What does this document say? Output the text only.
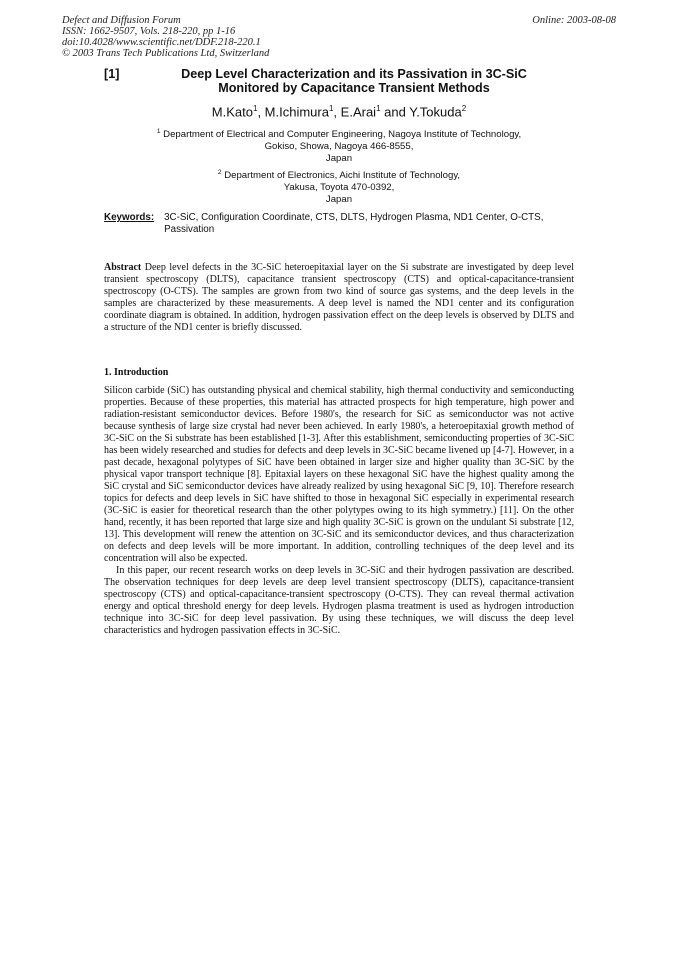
Defect and Diffusion Forum
ISSN: 1662-9507, Vols. 218-220, pp 1-16
doi:10.4028/www.scientific.net/DDF.218-220.1
© 2003 Trans Tech Publications Ltd, Switzerland
Online: 2003-08-08
[1]	Deep Level Characterization and its Passivation in 3C-SiC
Monitored by Capacitance Transient Methods
M.Kato$^1$, M.Ichimura$^1$, E.Arai$^1$ and Y.Tokuda$^2$
$^1$ Department of Electrical and Computer Engineering, Nagoya Institute of Technology,
Gokiso, Showa, Nagoya 466-8555,
Japan
$^2$ Department of Electronics, Aichi Institute of Technology,
Yakusa, Toyota 470-0392,
Japan
Keywords: 3C-SiC, Configuration Coordinate, CTS, DLTS, Hydrogen Plasma, ND1 Center, O-CTS, Passivation
Abstract Deep level defects in the 3C-SiC heteroepitaxial layer on the Si substrate are investigated by deep level transient spectroscopy (DLTS), capacitance transient spectroscopy (CTS) and optical-capacitance-transient spectroscopy (O-CTS). The samples are grown from two kind of source gas systems, and the deep levels in the samples are characterized by these measurements. A deep level is named the ND1 center and its configuration coordinate diagram is obtained. In addition, hydrogen passivation effect on the deep levels is observed by DLTS and a structure of the ND1 center is briefly discussed.
1. Introduction

Silicon carbide (SiC) has outstanding physical and chemical stability, high thermal conductivity and semiconducting properties. Because of these properties, this material has attracted prospects for high temperature, high power and radiation-resistant semiconductor devices. Before 1980's, the research for SiC as semiconductor was not active because synthesis of large size crystal had never been achieved. In early 1980's, a heteroepitaxial growth method of 3C-SiC on the Si substrate has been established [1-3]. After this establishment, semiconducting properties of 3C-SiC has been widely researched and studies for defects and deep levels in 3C-SiC became livened up [4-7]. However, in a past decade, hexagonal polytypes of SiC have been obtained in larger size and higher quality than 3C-SiC by the physical vapor transport technique [8]. Epitaxial layers on these hexagonal SiC have the highest quality among the SiC crystal and SiC semiconductor devices have already realized by using hexagonal SiC [9, 10]. Therefore research topics for defects and deep levels in SiC have shifted to those in hexagonal SiC especially in experimental research (3C-SiC is easier for theoretical research than the other polytypes owing to its high symmetry.) [11]. On the other hand, recently, it has been reported that large size and high quality 3C-SiC is grown on the undulant Si substrate [12, 13]. This development will renew the attention on 3C-SiC and its semiconductor devices, and thus characterization on defects and deep levels will be more important. In addition, controlling techniques of the deep level and its concentration will also be expected.

In this paper, our recent research works on deep levels in 3C-SiC and their hydrogen passivation are described. The observation techniques for deep levels are deep level transient spectroscopy (DLTS), capacitance-transient spectroscopy (CTS) and optical-capacitance-transient spectroscopy (O-CTS). They can reveal thermal activation energy and optical threshold energy for deep levels. Hydrogen plasma treatment is used as hydrogen introduction technique into 3C-SiC for deep level passivation. By using these techniques, we will discuss the deep level characteristics and hydrogen passivation effects in 3C-SiC.
